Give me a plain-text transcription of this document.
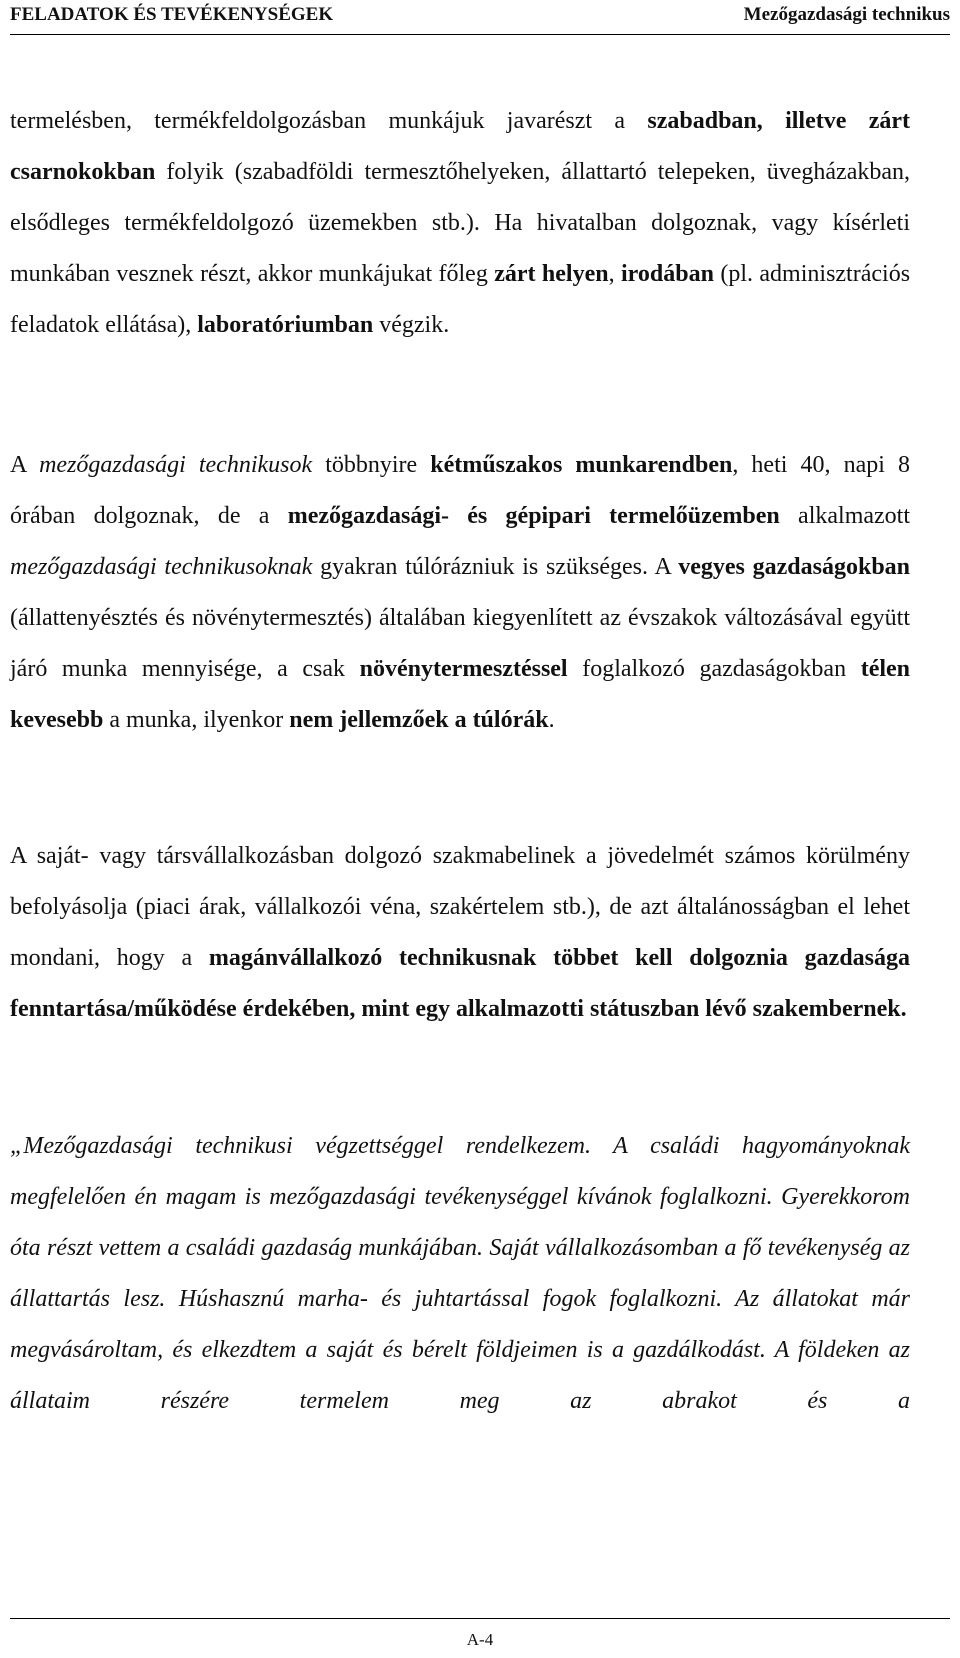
FELADATOK ÉS TEVÉKENYSÉGEK	Mezőgazdasági technikus

termelésben, termékfeldolgozásban munkájuk javarészt a szabadban, illetve zárt csarnokokban folyik (szabadföldi termesztőhelyeken, állattartó telepeken, üvegházakban, elsődleges termékfeldolgozó üzemekben stb.). Ha hivatalban dolgoznak, vagy kísérleti munkában vesznek részt, akkor munkájukat főleg zárt helyen, irodában (pl. adminisztrációs feladatok ellátása), laboratóriumban végzik.

A mezőgazdasági technikusok többnyire kétműszakos munkarendben, heti 40, napi 8 órában dolgoznak, de a mezőgazdasági- és gépipari termelőüzemben alkalmazott mezőgazdasági technikusoknak gyakran túlórázniuk is szükséges. A vegyes gazdaságokban (állattenyésztés és növénytermesztés) általában kiegyenlített az évszakok változásával együtt járó munka mennyisége, a csak növénytermesztéssel foglalkozó gazdaságokban télen kevesebb a munka, ilyenkor nem jellemzőek a túlórák.

A saját- vagy társvállalkozásban dolgozó szakmabelinek a jövedelmét számos körülmény befolyásolja (piaci árak, vállalkozói véna, szakértelem stb.), de azt általánosságban el lehet mondani, hogy a magánvállalkozó technikusnak többet kell dolgoznia gazdasága fenntartása/működése érdekében, mint egy alkalmazotti státuszban lévő szakembernek.

„Mezőgazdasági technikusi végzettséggel rendelkezem. A családi hagyományoknak megfelelően én magam is mezőgazdasági tevékenységgel kívánok foglalkozni. Gyerekkorom óta részt vettem a családi gazdaság munkájában. Saját vállalkozásomban a fő tevékenység az állattartás lesz. Húshasznú marha- és juhtartással fogok foglalkozni. Az állatokat már megvásároltam, és elkezdtem a saját és bérelt földjeimen is a gazdálkodást. A földeken az állataim részére termelem meg az abrakot és a

A-4
